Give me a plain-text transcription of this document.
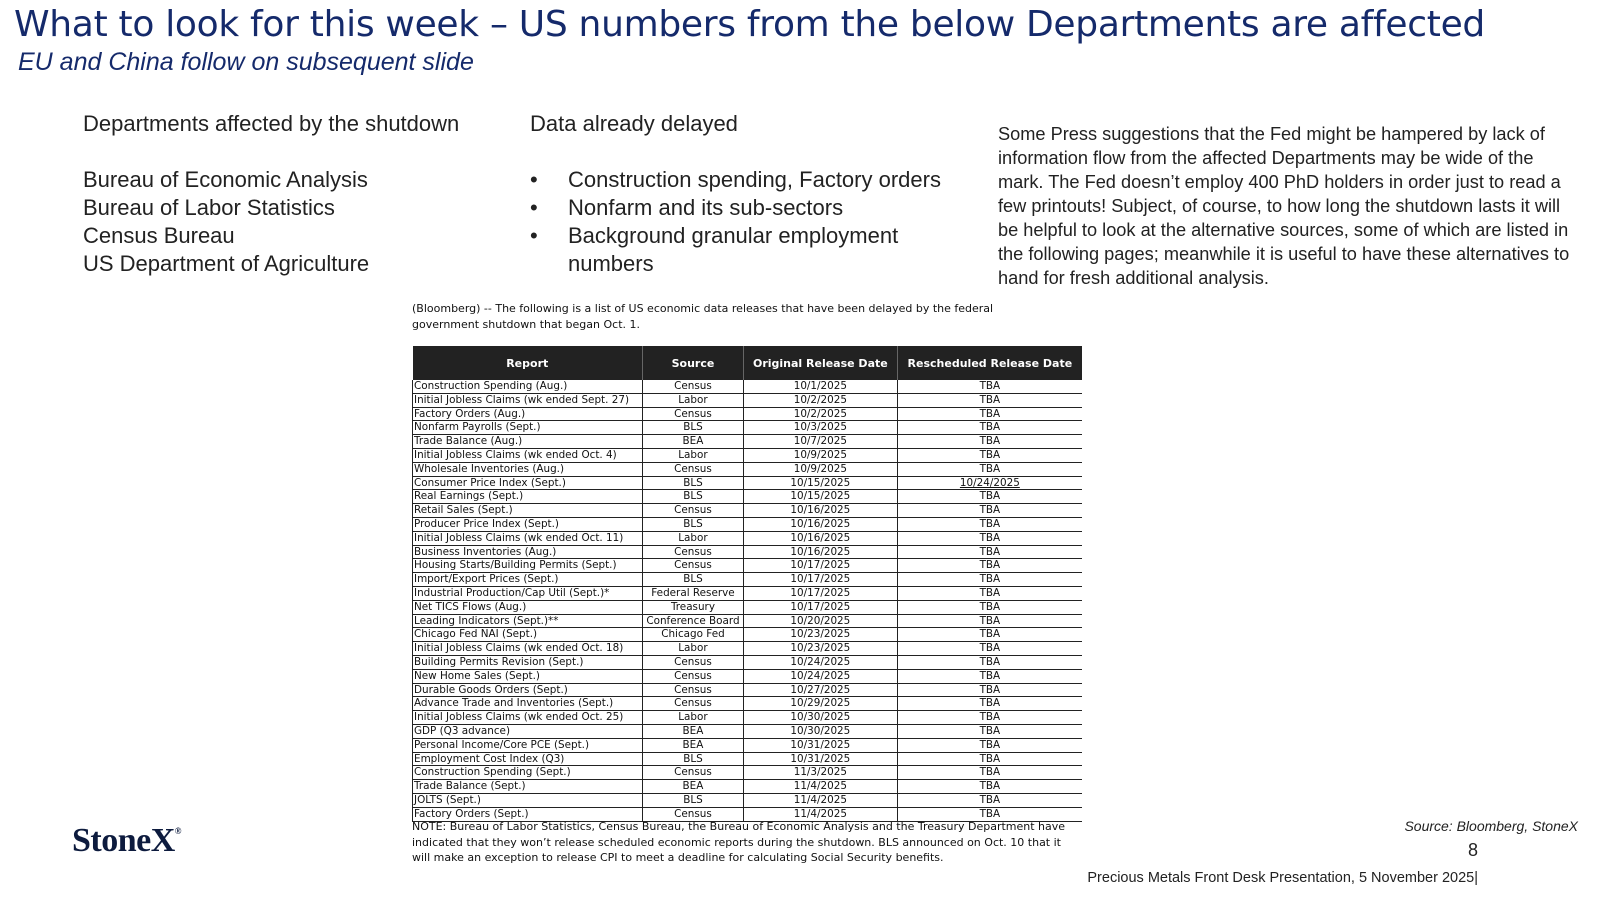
What to look for this week – US numbers from the below Departments are affected
EU and China follow on subsequent slide
Departments affected by the shutdown
Bureau of Economic Analysis
Bureau of Labor Statistics
Census Bureau
US Department of Agriculture
Data already delayed
• Construction spending, Factory orders
• Nonfarm and its sub-sectors
• Background granular employment numbers
Some Press suggestions that the Fed might be hampered by lack of information flow from the affected Departments may be wide of the mark. The Fed doesn’t employ 400 PhD holders in order just to read a few printouts! Subject, of course, to how long the shutdown lasts it will be helpful to look at the alternative sources, some of which are listed in the following pages; meanwhile it is useful to have these alternatives to hand for fresh additional analysis.
(Bloomberg) -- The following is a list of US economic data releases that have been delayed by the federal government shutdown that began Oct. 1.
Report	Source	Original Release Date	Rescheduled Release Date
Construction Spending (Aug.)	Census	10/1/2025	TBA
Initial Jobless Claims (wk ended Sept. 27)	Labor	10/2/2025	TBA
Factory Orders (Aug.)	Census	10/2/2025	TBA
Nonfarm Payrolls (Sept.)	BLS	10/3/2025	TBA
Trade Balance (Aug.)	BEA	10/7/2025	TBA
Initial Jobless Claims (wk ended Oct. 4)	Labor	10/9/2025	TBA
Wholesale Inventories (Aug.)	Census	10/9/2025	TBA
Consumer Price Index (Sept.)	BLS	10/15/2025	10/24/2025
Real Earnings (Sept.)	BLS	10/15/2025	TBA
Retail Sales (Sept.)	Census	10/16/2025	TBA
Producer Price Index (Sept.)	BLS	10/16/2025	TBA
Initial Jobless Claims (wk ended Oct. 11)	Labor	10/16/2025	TBA
Business Inventories (Aug.)	Census	10/16/2025	TBA
Housing Starts/Building Permits (Sept.)	Census	10/17/2025	TBA
Import/Export Prices (Sept.)	BLS	10/17/2025	TBA
Industrial Production/Cap Util (Sept.)*	Federal Reserve	10/17/2025	TBA
Net TICS Flows (Aug.)	Treasury	10/17/2025	TBA
Leading Indicators (Sept.)**	Conference Board	10/20/2025	TBA
Chicago Fed NAI (Sept.)	Chicago Fed	10/23/2025	TBA
Initial Jobless Claims (wk ended Oct. 18)	Labor	10/23/2025	TBA
Building Permits Revision (Sept.)	Census	10/24/2025	TBA
New Home Sales (Sept.)	Census	10/24/2025	TBA
Durable Goods Orders (Sept.)	Census	10/27/2025	TBA
Advance Trade and Inventories (Sept.)	Census	10/29/2025	TBA
Initial Jobless Claims (wk ended Oct. 25)	Labor	10/30/2025	TBA
GDP (Q3 advance)	BEA	10/30/2025	TBA
Personal Income/Core PCE (Sept.)	BEA	10/31/2025	TBA
Employment Cost Index (Q3)	BLS	10/31/2025	TBA
Construction Spending (Sept.)	Census	11/3/2025	TBA
Trade Balance (Sept.)	BEA	11/4/2025	TBA
JOLTS (Sept.)	BLS	11/4/2025	TBA
Factory Orders (Sept.)	Census	11/4/2025	TBA
NOTE: Bureau of Labor Statistics, Census Bureau, the Bureau of Economic Analysis and the Treasury Department have indicated that they won’t release scheduled economic reports during the shutdown. BLS announced on Oct. 10 that it will make an exception to release CPI to meet a deadline for calculating Social Security benefits.
StoneX®	Source: Bloomberg, StoneX
8
Precious Metals Front Desk Presentation, 5 November 2025|
